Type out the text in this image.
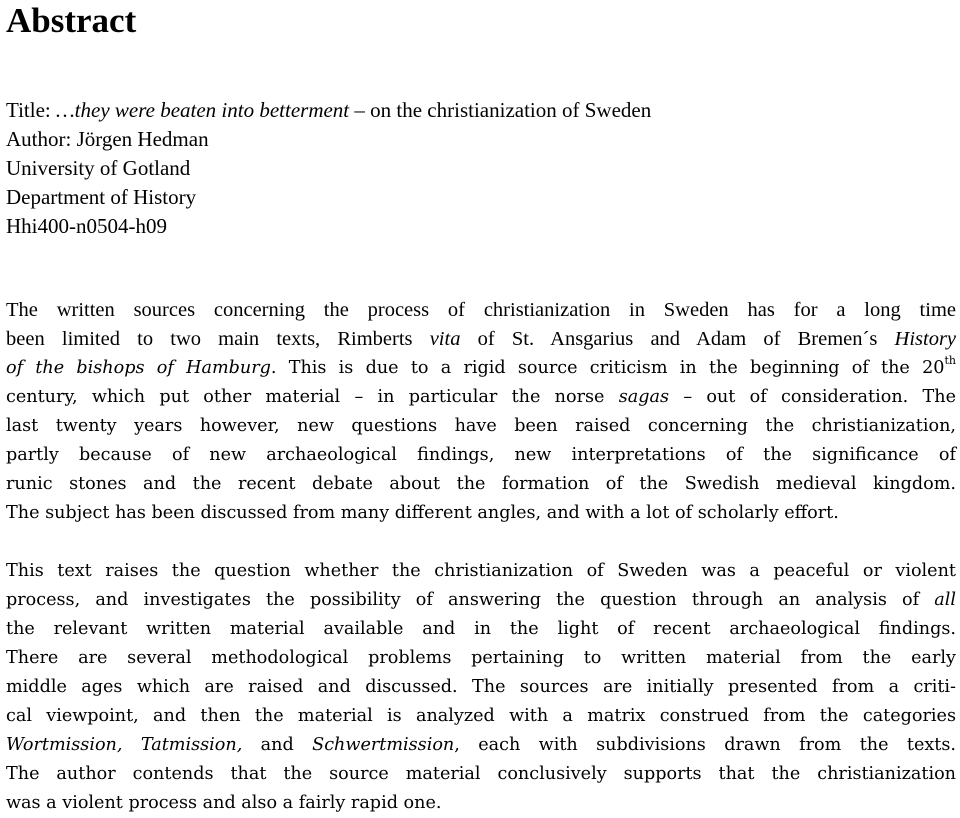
Abstract
Title: …they were beaten into betterment – on the christianization of Sweden
Author: Jörgen Hedman
University of Gotland
Department of History
Hhi400-n0504-h09
The written sources concerning the process of christianization in Sweden has for a long time
been limited to two main texts, Rimberts vita of St. Ansgarius and Adam of Bremen´s History
of the bishops of Hamburg. This is due to a rigid source criticism in the beginning of the 20th
century, which put other material – in particular the norse sagas – out of consideration. The
last twenty years however, new questions have been raised concerning the christianization,
partly because of new archaeological findings, new interpretations of the significance of
runic stones and the recent debate about the formation of the Swedish medieval kingdom.
The subject has been discussed from many different angles, and with a lot of scholarly effort.
This text raises the question whether the christianization of Sweden was a peaceful or violent
process, and investigates the possibility of answering the question through an analysis of all
the relevant written material available and in the light of recent archaeological findings.
There are several methodological problems pertaining to written material from the early
middle ages which are raised and discussed. The sources are initially presented from a criti-
cal viewpoint, and then the material is analyzed with a matrix construed from the categories
Wortmission, Tatmission, and Schwertmission, each with subdivisions drawn from the texts.
The author contends that the source material conclusively supports that the christianization
was a violent process and also a fairly rapid one.
